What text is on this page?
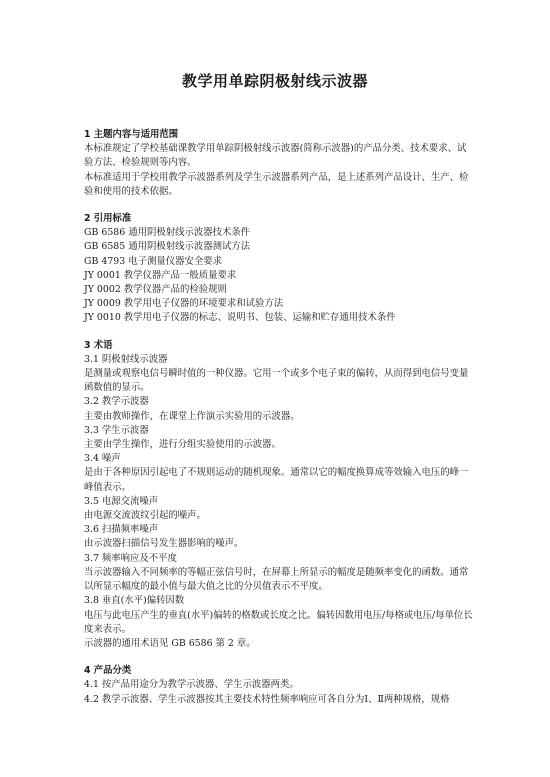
教学用单踪阴极射线示波器

1 主题内容与适用范围

本标准规定了学校基础课教学用单踪阴极射线示波器(简称示波器)的产品分类、技术要求、试验方法、检验规则等内容。

本标准适用于学校用教学示波器系列及学生示波器系列产品，是上述系列产品设计、生产、检验和使用的技术依据。

2 引用标准

GB 6586 通用阴极射线示波器技术条件

GB 6585 通用阴极射线示波器测试方法

GB 4793 电子测量仪器安全要求

JY 0001 教学仪器产品一般质量要求

JY 0002 教学仪器产品的检验规则

JY 0009 教学用电子仪器的环境要求和试验方法

JY 0010 教学用电子仪器的标志、说明书、包装、运输和贮存通用技术条件

3 术语

3.1 阴极射线示波器

是测量或观察电信号瞬时值的一种仪器。它用一个或多个电子束的偏转，从而得到电信号变量函数值的显示。

3.2 教学示波器

主要由教师操作，在课堂上作演示实验用的示波器。

3.3 学生示波器

主要由学生操作，进行分组实验使用的示波器。

3.4 噪声

是由于各种原因引起电了不规则运动的随机现象。通常以它的幅度换算成等效输入电压的峰一峰值表示。

3.5 电源交流噪声

由电源交流波纹引起的噪声。

3.6 扫描频率噪声

由示波器扫描信号发生器影响的噪声。

3.7 频率响应及不平度

当示波器输入不同频率的等幅正弦信号时，在屏幕上所显示的幅度是随频率变化的函数。通常以所显示幅度的最小值与最大值之比的分贝值表示不平度。

3.8 垂直(水平)偏转因数

电压与此电压产生的垂直(水平)偏转的格数或长度之比。偏转因数用电压/每格或电压/每单位长度来表示。

示波器的通用术语见 GB 6586 第 2 章。

4 产品分类

4.1 按产品用途分为教学示波器、学生示波器两类。

4.2 教学示波器、学生示波器按其主要技术特性频率响应可各自分为Ⅰ、Ⅱ两种规格，规格
